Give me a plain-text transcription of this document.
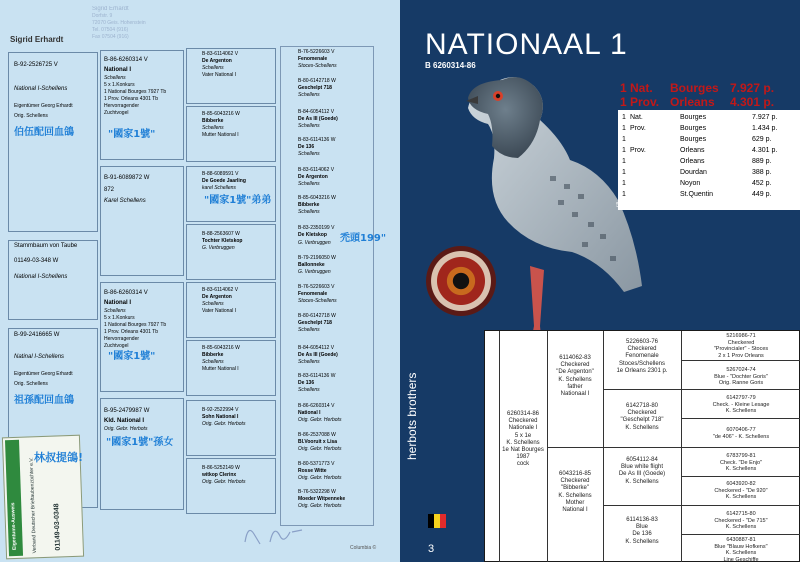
Sigrid Erhardt
Sigrid Erhardt
Dorfstr. 9
72070 Geis. Hohenstein
Tel. 07504 (916)
Fax 07504 (916)
Stammbaum von Taube
01149-03-348 W
National I-Schellens
B-92-2526725 V
National I-Schellens
Eigentümer Georg Erhardt
Orig. Schellens
伯伍配回血鴿
B-99-2416665 W
Natinal I-Schellens
Eigentümer Georg Erhardt
Orig. Schellens
祖孫配回血鴿
B-86-6260314 V
National I
Schellens
5 x 1.Konkurs
1 National Bourges 7927 Tb
1 Prov. Orleans 4301 Tb
Hervorragender
Zuchtvogel
"國家1號"
B-91-6089872 W
872
Karel Schellens
B-86-6260314 V
National I
Schellens
5 x 1.Konkurs
1 National Bourges 7927 Tb
1 Prov. Orleans 4301 Tb
Hervorragender
Zuchtvogel
"國家1號"
B-95-2479987 W
Kld. National I
Orig. Gebr. Herbots
"國家1號"孫女
B-83-6114062 V
De Argenton
Schellens
Vater National I
B-85-6043216 W
Bibberke
Schellens
Mutter National I
B-88-6089591 V
De Goede Jaarling
karel Schellens
"國家1號"弟弟
B-88-2563607 W
Tochter Kletskop
G. Verbruggen
B-83-6114062 V
De Argenton
Schellens
Vater National I
B-85-6043216 W
Bibberke
Schellens
Mutter National I
B-92-2522994 V
Sohn National I
Orig. Gebr. Herbots
B-86-5252149 W
witkop Clerinx
Orig. Gebr. Herbots
B-76-5226603 V
Fenomenale
Stoces-Schellens
B-80-6142718 W
Geschelpt 718
Schellens
B-84-6054112 V
De As III (Goede)
Schellens
B-83-6114136 W
De 136
Schellens
B-83-6114062 V
De Argenton
Schellens
B-85-6043216 W
Bibberke
Schellens
B-83-2350199 V
De Kletskop
G. Verbruggen 禿頭199"
B-79-2196050 W
Ballonneke
G. Verbruggen
B-76-5226603 V
Fenomenale
Stoces-Schellens
B-80-6142718 W
Geschelpt 718
Schellens
B-84-6054112 V
De As III (Goede)
Schellens
B-83-6114136 W
De 136
Schellens
B-86-6260314 V
National I
Orig. Gebr. Herbots
B-86-2537088 W
Bl.Vooruit x Lisa
Orig. Gebr. Herbots
B-80-5371773 V
Rosse Witte
Orig. Gebr. Herbots
B-76-5322298 W
Moeder Witpenneke
Orig. Gebr. Herbots
Eigentums-Ausweis Verband Deutscher Brieftaubenzüchter e.V. 01149-03-0348
林叔提鴿!
Columbia ©
NATIONAAL 1
B 6260314-86
1 Nat. Bourges 7.927 p.
1 Prov. Orleans 4.301 p.
1 Nat.	Bourges	7.927 p.
1 Prov.	Bourges	1.434 p.
1	Bourges	629 p.
1 Prov.	Orleans	4.301 p.
1	Orleans	889 p.
1	Dourdan	388 p.
1	Noyon	452 p.
1	St.Quentin	449 p.
55 Nat.	Bourges	29.297 p.
herbots brothers
3
6260314-86
Checkered
Nationale I
5 x 1e
K. Schellens
1e Nat Bourges
1987
cock
6114062-83
Checkered
"De Argenton"
K. Schellens
father
Nationaal I
6043216-85
Checkered
"Bibberke"
K. Schellens
Mother
National I
5226603-76
Checkered
Fenomenale
Stoces/Schellens
1e Orleans 2301 p.
6142718-80
Checkered
"Geschelpt 718"
K. Schellens
6054112-84
Blue white flight
De As III (Goede)
K. Schellens
6114136-83
Blue
De 136
K. Schellens
5216986-71
Checkered
"Provincialer" - Stoces
2 x 1 Prov Orleans
5267024-74
Blue - "Dochter Goris"
Orig. Ranne Goris
6142797-79
Check. - Kleine Lesage
K. Schellens
6070406-77
"de 406" - K. Schellens
6783799-81
Check. "De Enjo"
K. Schellens
6043920-82
Checkered - "De 920"
K. Schellens
6142715-80
Checkered - "De 715"
K. Schellens
6430887-81
Blue "Blauw Hofkens"
K. Schellens
Line Geschiffe
